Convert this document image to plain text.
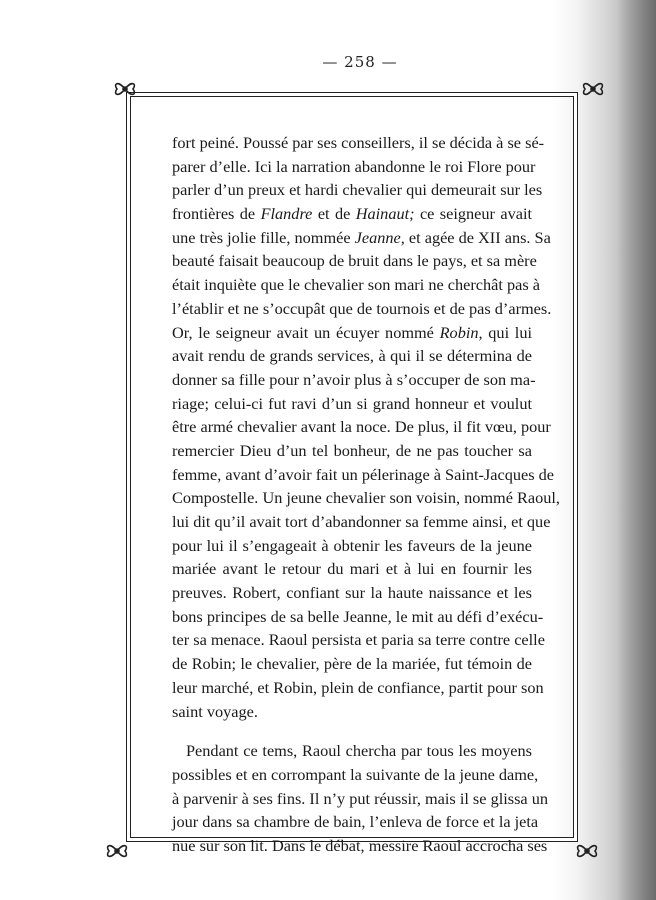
— 258 —
fort peiné. Poussé par ses conseillers, il se décida à se sé-
parer d’elle. Ici la narration abandonne le roi Flore pour
parler d’un preux et hardi chevalier qui demeurait sur les
frontières de Flandre et de Hainaut; ce seigneur avait
une très jolie fille, nommée Jeanne, et agée de XII ans. Sa
beauté faisait beaucoup de bruit dans le pays, et sa mère
était inquiète que le chevalier son mari ne cherchât pas à
l’établir et ne s’occupât que de tournois et de pas d’armes.
Or, le seigneur avait un écuyer nommé Robin, qui lui
avait rendu de grands services, à qui il se détermina de
donner sa fille pour n’avoir plus à s’occuper de son ma-
riage; celui-ci fut ravi d’un si grand honneur et voulut
être armé chevalier avant la noce. De plus, il fit vœu, pour
remercier Dieu d’un tel bonheur, de ne pas toucher sa
femme, avant d’avoir fait un pélerinage à Saint-Jacques de
Compostelle. Un jeune chevalier son voisin, nommé Raoul,
lui dit qu’il avait tort d’abandonner sa femme ainsi, et que
pour lui il s’engageait à obtenir les faveurs de la jeune
mariée avant le retour du mari et à lui en fournir les
preuves. Robert, confiant sur la haute naissance et les
bons principes de sa belle Jeanne, le mit au défi d’exécu-
ter sa menace. Raoul persista et paria sa terre contre celle
de Robin; le chevalier, père de la mariée, fut témoin de
leur marché, et Robin, plein de confiance, partit pour son
saint voyage.
Pendant ce tems, Raoul chercha par tous les moyens
possibles et en corrompant la suivante de la jeune dame,
à parvenir à ses fins. Il n’y put réussir, mais il se glissa un
jour dans sa chambre de bain, l’enleva de force et la jeta
nue sur son lit. Dans le débat, messire Raoul accrocha ses
